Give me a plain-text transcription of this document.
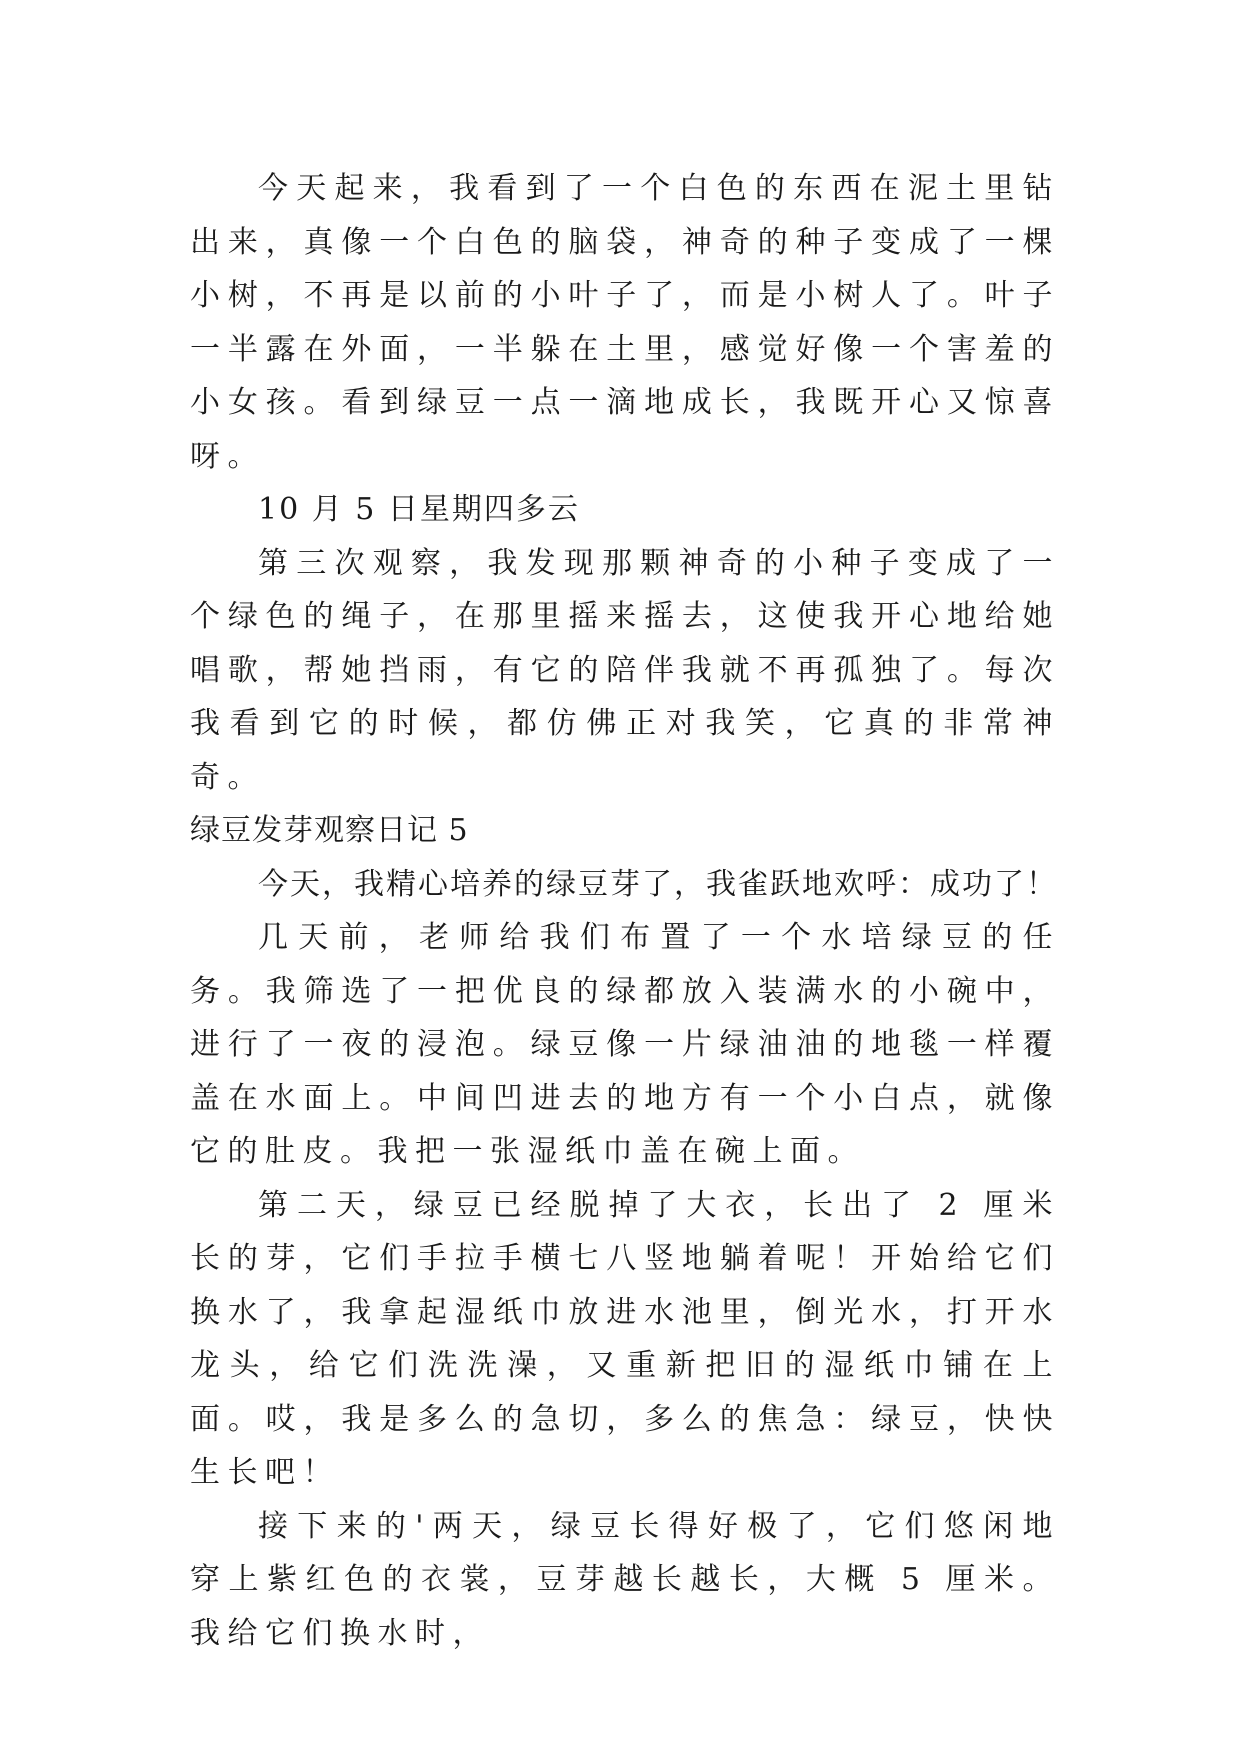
今天起来，我看到了一个白色的东西在泥土里钻出来，真像一个白色的脑袋，神奇的种子变成了一棵小树，不再是以前的小叶子了，而是小树人了。叶子一半露在外面，一半躲在土里，感觉好像一个害羞的小女孩。看到绿豆一点一滴地成长，我既开心又惊喜呀。

10 月 5 日星期四多云

第三次观察，我发现那颗神奇的小种子变成了一个绿色的绳子，在那里摇来摇去，这使我开心地给她唱歌，帮她挡雨，有它的陪伴我就不再孤独了。每次我看到它的时候，都仿佛正对我笑，它真的非常神奇。

绿豆发芽观察日记 5

今天，我精心培养的绿豆芽了，我雀跃地欢呼：成功了！

几天前，老师给我们布置了一个水培绿豆的任务。我筛选了一把优良的绿都放入装满水的小碗中，进行了一夜的浸泡。绿豆像一片绿油油的地毯一样覆盖在水面上。中间凹进去的地方有一个小白点，就像它的肚皮。我把一张湿纸巾盖在碗上面。

第二天，绿豆已经脱掉了大衣，长出了 2 厘米长的芽，它们手拉手横七八竖地躺着呢！开始给它们换水了，我拿起湿纸巾放进水池里，倒光水，打开水龙头，给它们洗洗澡，又重新把旧的湿纸巾铺在上面。哎，我是多么的急切，多么的焦急：绿豆，快快生长吧！

接下来的'两天，绿豆长得好极了，它们悠闲地穿上紫红色的衣裳，豆芽越长越长，大概 5 厘米。我给它们换水时，
